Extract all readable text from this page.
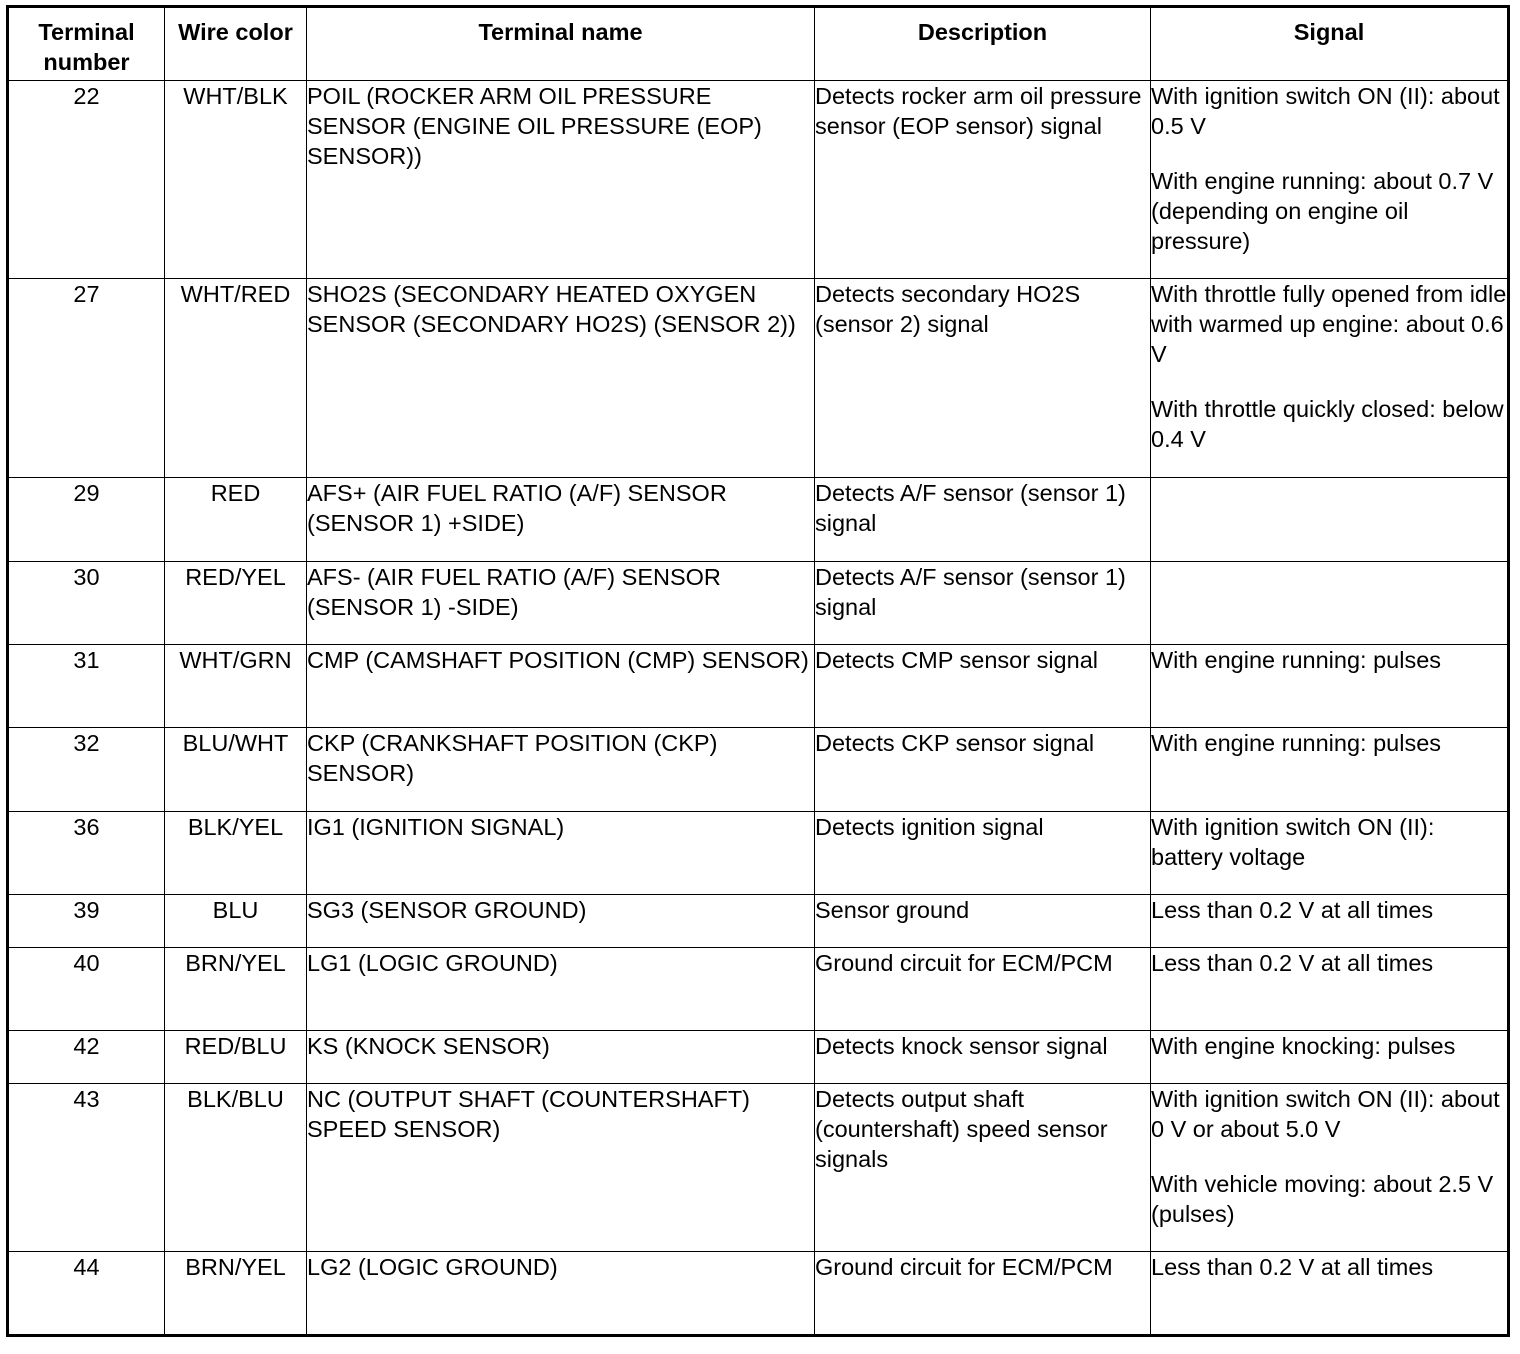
Terminal number	Wire color	Terminal name	Description	Signal
22	WHT/BLK	POIL (ROCKER ARM OIL PRESSURE SENSOR (ENGINE OIL PRESSURE (EOP) SENSOR))	Detects rocker arm oil pressure sensor (EOP sensor) signal	With ignition switch ON (II): about 0.5 V
With engine running: about 0.7 V (depending on engine oil pressure)

27	WHT/RED	SHO2S (SECONDARY HEATED OXYGEN SENSOR (SECONDARY HO2S) (SENSOR 2))	Detects secondary HO2S (sensor 2) signal	With throttle fully opened from idle with warmed up engine: about 0.6 V
With throttle quickly closed: below 0.4 V

29	RED	AFS+ (AIR FUEL RATIO (A/F) SENSOR (SENSOR 1) +SIDE)	Detects A/F sensor (sensor 1) signal	
30	RED/YEL	AFS- (AIR FUEL RATIO (A/F) SENSOR (SENSOR 1) -SIDE)	Detects A/F sensor (sensor 1) signal	
31	WHT/GRN	CMP (CAMSHAFT POSITION (CMP) SENSOR)	Detects CMP sensor signal	With engine running: pulses

32	BLU/WHT	CKP (CRANKSHAFT POSITION (CKP) SENSOR)	Detects CKP sensor signal	With engine running: pulses

36	BLK/YEL	IG1 (IGNITION SIGNAL)	Detects ignition signal	With ignition switch ON (II): battery voltage

39	BLU	SG3 (SENSOR GROUND)	Sensor ground	Less than 0.2 V at all times

40	BRN/YEL	LG1 (LOGIC GROUND)	Ground circuit for ECM/PCM	Less than 0.2 V at all times

42	RED/BLU	KS (KNOCK SENSOR)	Detects knock sensor signal	With engine knocking: pulses

43	BLK/BLU	NC (OUTPUT SHAFT (COUNTERSHAFT) SPEED SENSOR)	Detects output shaft (countershaft) speed sensor signals	With ignition switch ON (II): about 0 V or about 5.0 V
With vehicle moving: about 2.5 V (pulses)

44	BRN/YEL	LG2 (LOGIC GROUND)	Ground circuit for ECM/PCM	Less than 0.2 V at all times
